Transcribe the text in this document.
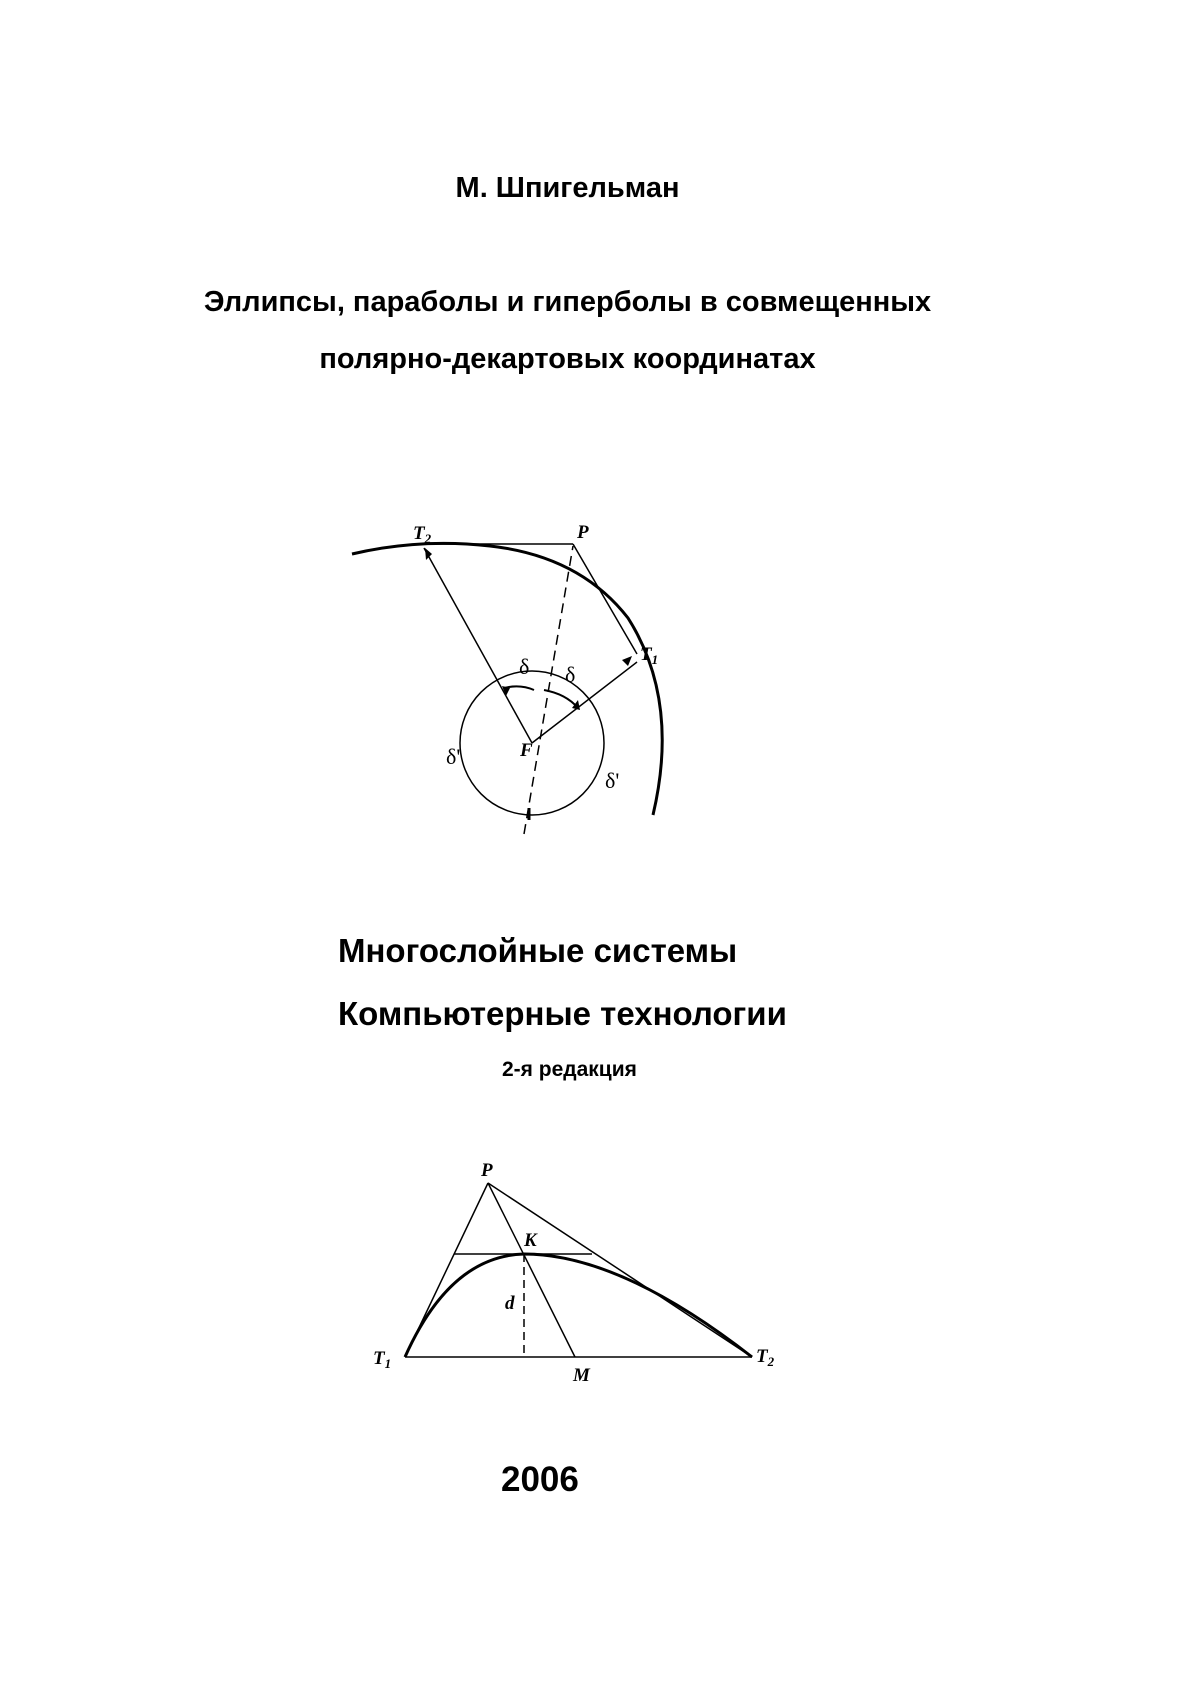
М. Шпигельман
Эллипсы, параболы и гиперболы в совмещенных
полярно-декартовых координатах
$T_2$	P
$T_1$
F
δ δ
δ'
δ'
Многослойные системы
Компьютерные технологии
2-я редакция
P
K
d
$T_1$	$T_2$
M
2006
